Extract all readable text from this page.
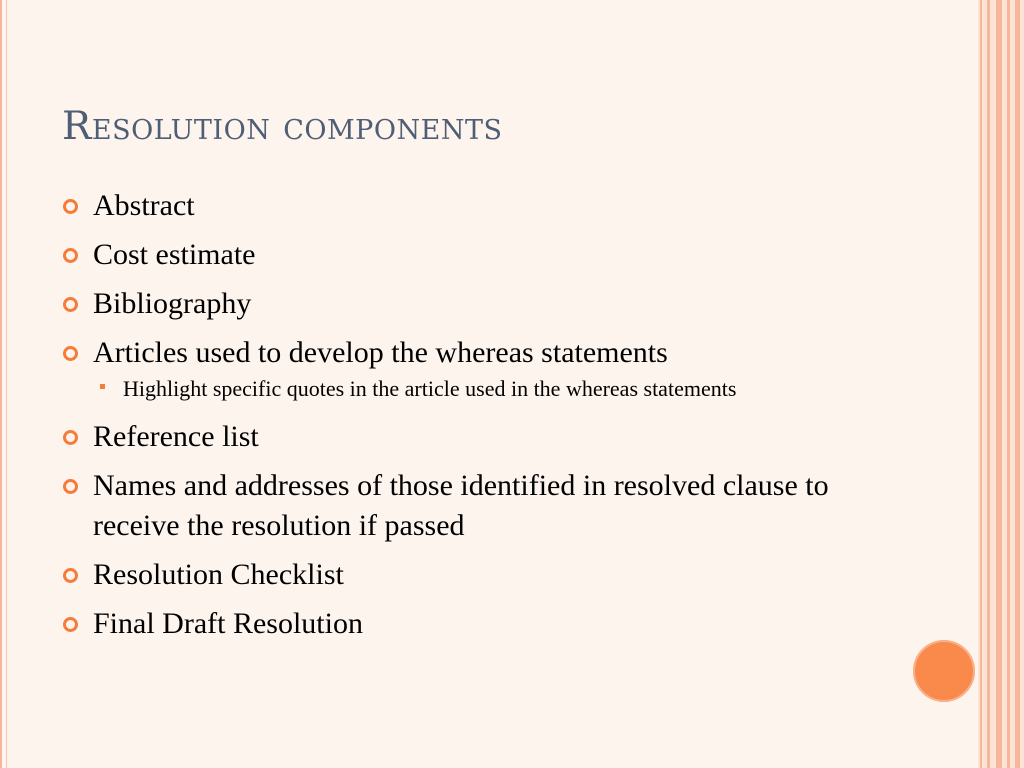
Resolution components
Abstract
Cost estimate
Bibliography
Articles used to develop the whereas statements
Highlight specific quotes in the article used in the whereas statements
Reference list
Names and addresses of those identified in resolved clause to receive the resolution if passed
Resolution Checklist
Final Draft Resolution
